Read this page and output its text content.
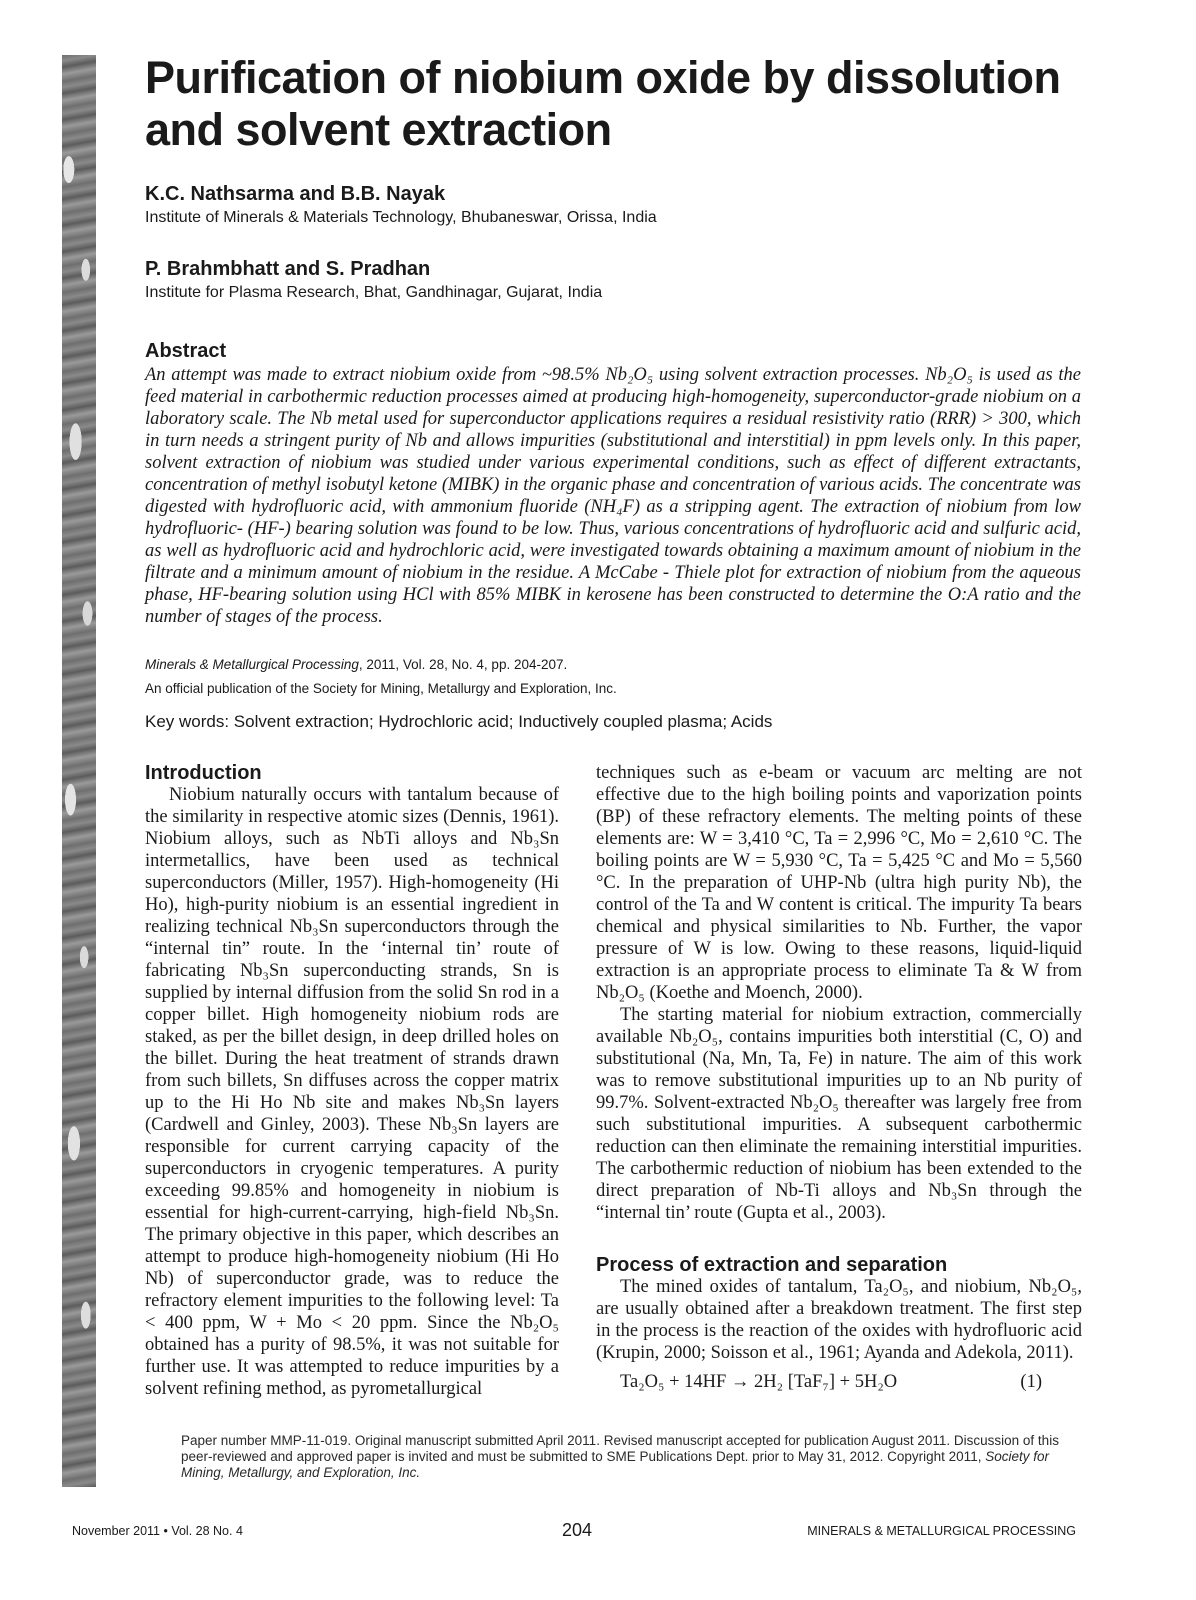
Purification of niobium oxide by dissolution and solvent extraction

K.C. Nathsarma and B.B. Nayak

Institute of Minerals & Materials Technology, Bhubaneswar, Orissa, India

P. Brahmbhatt and S. Pradhan

Institute for Plasma Research, Bhat, Gandhinagar, Gujarat, India

Abstract

An attempt was made to extract niobium oxide from ~98.5% Nb₂O₅ using solvent extraction processes. Nb₂O₅ is used as the feed material in carbothermic reduction processes aimed at producing high-homogeneity, superconductor-grade niobium on a laboratory scale. The Nb metal used for superconductor applications requires a residual resistivity ratio (RRR) > 300, which in turn needs a stringent purity of Nb and allows impurities (substitutional and interstitial) in ppm levels only. In this paper, solvent extraction of niobium was studied under various experimental conditions, such as effect of different extractants, concentration of methyl isobutyl ketone (MIBK) in the organic phase and concentration of various acids. The concentrate was digested with hydrofluoric acid, with ammonium fluoride (NH₄F) as a stripping agent. The extraction of niobium from low hydrofluoric- (HF-) bearing solution was found to be low. Thus, various concentrations of hydrofluoric acid and sulfuric acid, as well as hydrofluoric acid and hydrochloric acid, were investigated towards obtaining a maximum amount of niobium in the filtrate and a minimum amount of niobium in the residue. A McCabe - Thiele plot for extraction of niobium from the aqueous phase, HF-bearing solution using HCl with 85% MIBK in kerosene has been constructed to determine the O:A ratio and the number of stages of the process.

Minerals & Metallurgical Processing, 2011, Vol. 28, No. 4, pp. 204-207.

An official publication of the Society for Mining, Metallurgy and Exploration, Inc.

Key words: Solvent extraction; Hydrochloric acid; Inductively coupled plasma; Acids

Introduction

Niobium naturally occurs with tantalum because of the similarity in respective atomic sizes (Dennis, 1961). Niobium alloys, such as NbTi alloys and Nb₃Sn intermetallics, have been used as technical superconductors (Miller, 1957). High-homogeneity (Hi Ho), high-purity niobium is an essential ingredient in realizing technical Nb₃Sn superconductors through the “internal tin” route. In the ‘internal tin’ route of fabricating Nb₃Sn superconducting strands, Sn is supplied by internal diffusion from the solid Sn rod in a copper billet. High homogeneity niobium rods are staked, as per the billet design, in deep drilled holes on the billet. During the heat treatment of strands drawn from such billets, Sn diffuses across the copper matrix up to the Hi Ho Nb site and makes Nb₃Sn layers (Cardwell and Ginley, 2003). These Nb₃Sn layers are responsible for current carrying capacity of the superconductors in cryogenic temperatures. A purity exceeding 99.85% and homogeneity in niobium is essential for high-current-carrying, high-field Nb₃Sn. The primary objective in this paper, which describes an attempt to produce high-homogeneity niobium (Hi Ho Nb) of superconductor grade, was to reduce the refractory element impurities to the following level: Ta < 400 ppm, W + Mo < 20 ppm. Since the Nb₂O₅ obtained has a purity of 98.5%, it was not suitable for further use. It was attempted to reduce impurities by a solvent refining method, as pyrometallurgical

techniques such as e-beam or vacuum arc melting are not effective due to the high boiling points and vaporization points (BP) of these refractory elements. The melting points of these elements are: W = 3,410 °C, Ta = 2,996 °C, Mo = 2,610 °C. The boiling points are W = 5,930 °C, Ta = 5,425 °C and Mo = 5,560 °C. In the preparation of UHP-Nb (ultra high purity Nb), the control of the Ta and W content is critical. The impurity Ta bears chemical and physical similarities to Nb. Further, the vapor pressure of W is low. Owing to these reasons, liquid-liquid extraction is an appropriate process to eliminate Ta & W from Nb₂O₅ (Koethe and Moench, 2000).

The starting material for niobium extraction, commercially available Nb₂O₅, contains impurities both interstitial (C, O) and substitutional (Na, Mn, Ta, Fe) in nature. The aim of this work was to remove substitutional impurities up to an Nb purity of 99.7%. Solvent-extracted Nb₂O₅ thereafter was largely free from such substitutional impurities. A subsequent carbothermic reduction can then eliminate the remaining interstitial impurities. The carbothermic reduction of niobium has been extended to the direct preparation of Nb-Ti alloys and Nb₃Sn through the “internal tin’ route (Gupta et al., 2003).

Process of extraction and separation

The mined oxides of tantalum, Ta₂O₅, and niobium, Nb₂O₅, are usually obtained after a breakdown treatment. The first step in the process is the reaction of the oxides with hydrofluoric acid (Krupin, 2000; Soisson et al., 1961; Ayanda and Adekola, 2011).

Ta₂O₅ + 14HF → 2H₂ [TaF₇] + 5H₂O	(1)

Paper number MMP-11-019. Original manuscript submitted April 2011. Revised manuscript accepted for publication August 2011. Discussion of this peer-reviewed and approved paper is invited and must be submitted to SME Publications Dept. prior to May 31, 2012. Copyright 2011, Society for Mining, Metallurgy, and Exploration, Inc.

November 2011 • Vol. 28 No. 4	204	MINERALS & METALLURGICAL PROCESSING
